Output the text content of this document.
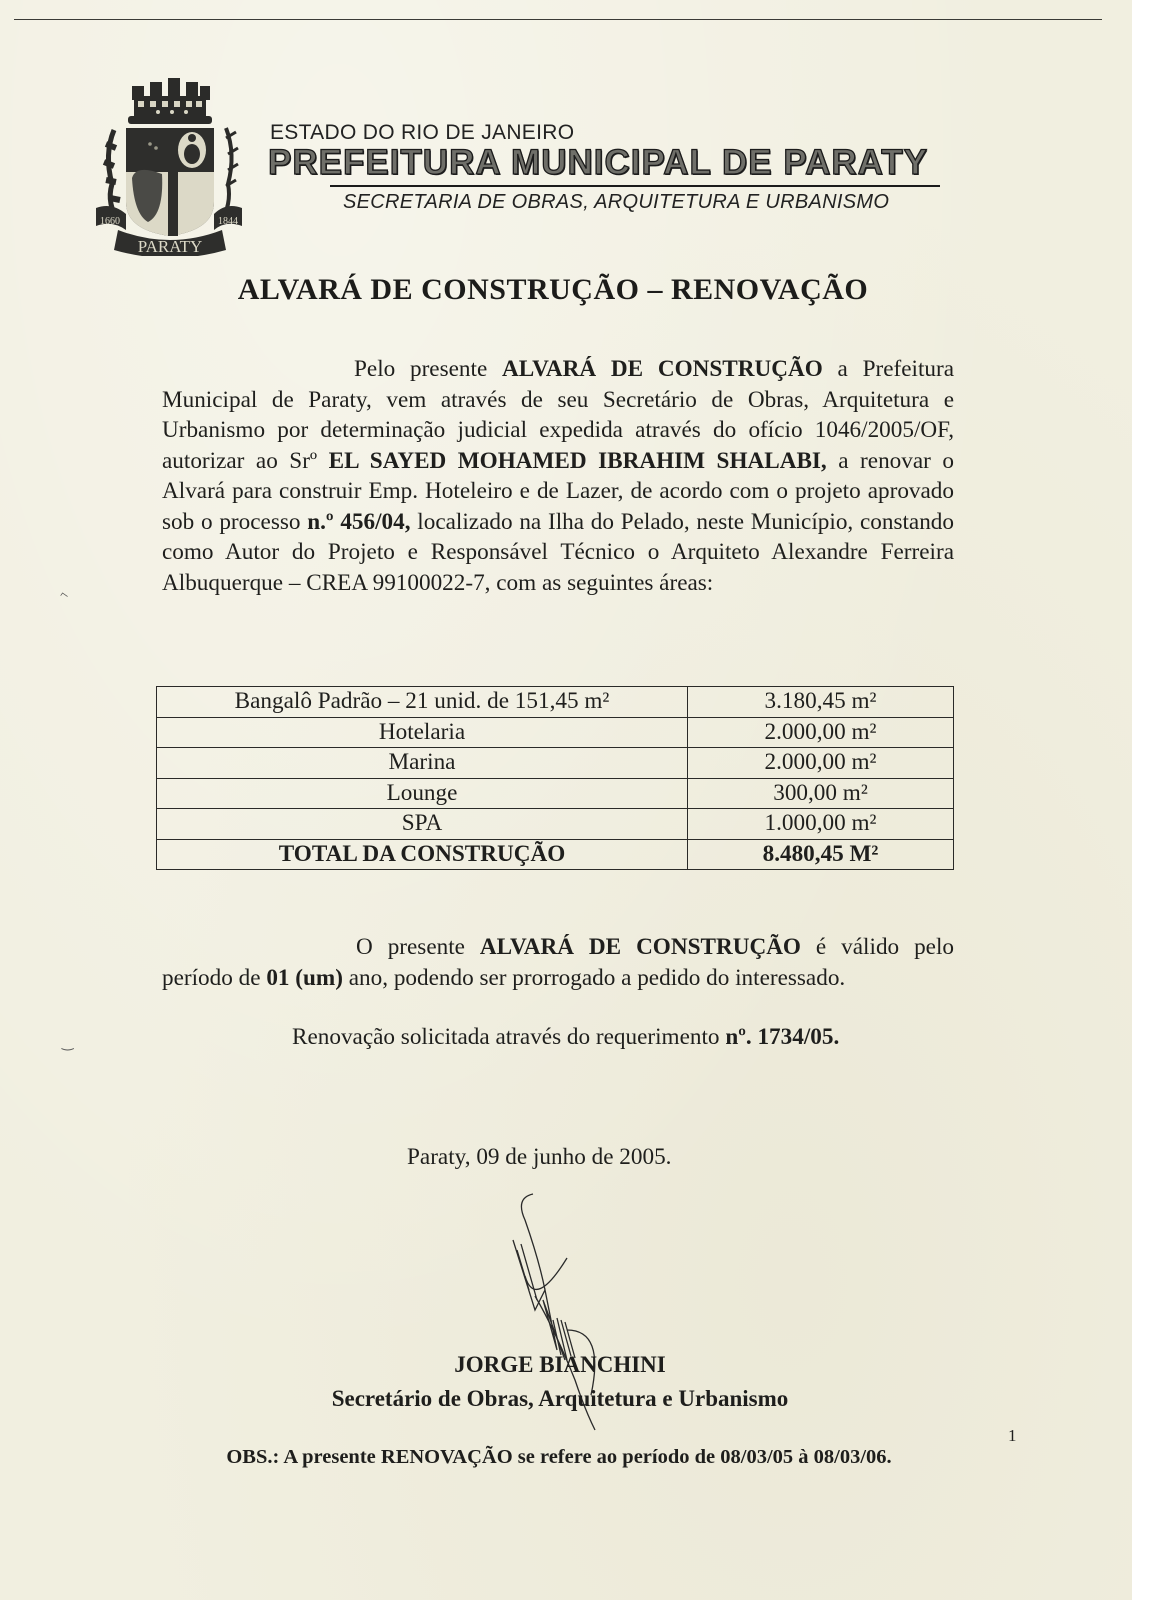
1660	1844
PARATY
ESTADO DO RIO DE JANEIRO
PREFEITURA MUNICIPAL DE PARATY
SECRETARIA DE OBRAS, ARQUITETURA E URBANISMO
ALVARÁ DE CONSTRUÇÃO – RENOVAÇÃO
Pelo presente ALVARÁ DE CONSTRUÇÃO a Prefeitura Municipal de Paraty, vem através de seu Secretário de Obras, Arquitetura e Urbanismo por determinação judicial expedida através do ofício 1046/2005/OF, autorizar ao Srº EL SAYED MOHAMED IBRAHIM SHALABI, a renovar o Alvará para construir Emp. Hoteleiro e de Lazer, de acordo com o projeto aprovado sob o processo n.º 456/04, localizado na Ilha do Pelado, neste Município, constando como Autor do Projeto e Responsável Técnico o Arquiteto Alexandre Ferreira Albuquerque – CREA 99100022-7, com as seguintes áreas:
Bangalô Padrão – 21 unid. de 151,45 m²	3.180,45 m²
Hotelaria	2.000,00 m²
Marina	2.000,00 m²
Lounge	300,00 m²
SPA	1.000,00 m²
TOTAL DA CONSTRUÇÃO	8.480,45 M²
O presente ALVARÁ DE CONSTRUÇÃO é válido pelo período de 01 (um) ano, podendo ser prorrogado a pedido do interessado.
Renovação solicitada através do requerimento nº. 1734/05.
Paraty, 09 de junho de 2005.
JORGE BIANCHINI
Secretário de Obras, Arquitetura e Urbanismo
1
OBS.: A presente RENOVAÇÃO se refere ao período de 08/03/05 à 08/03/06.
⌐
‿
